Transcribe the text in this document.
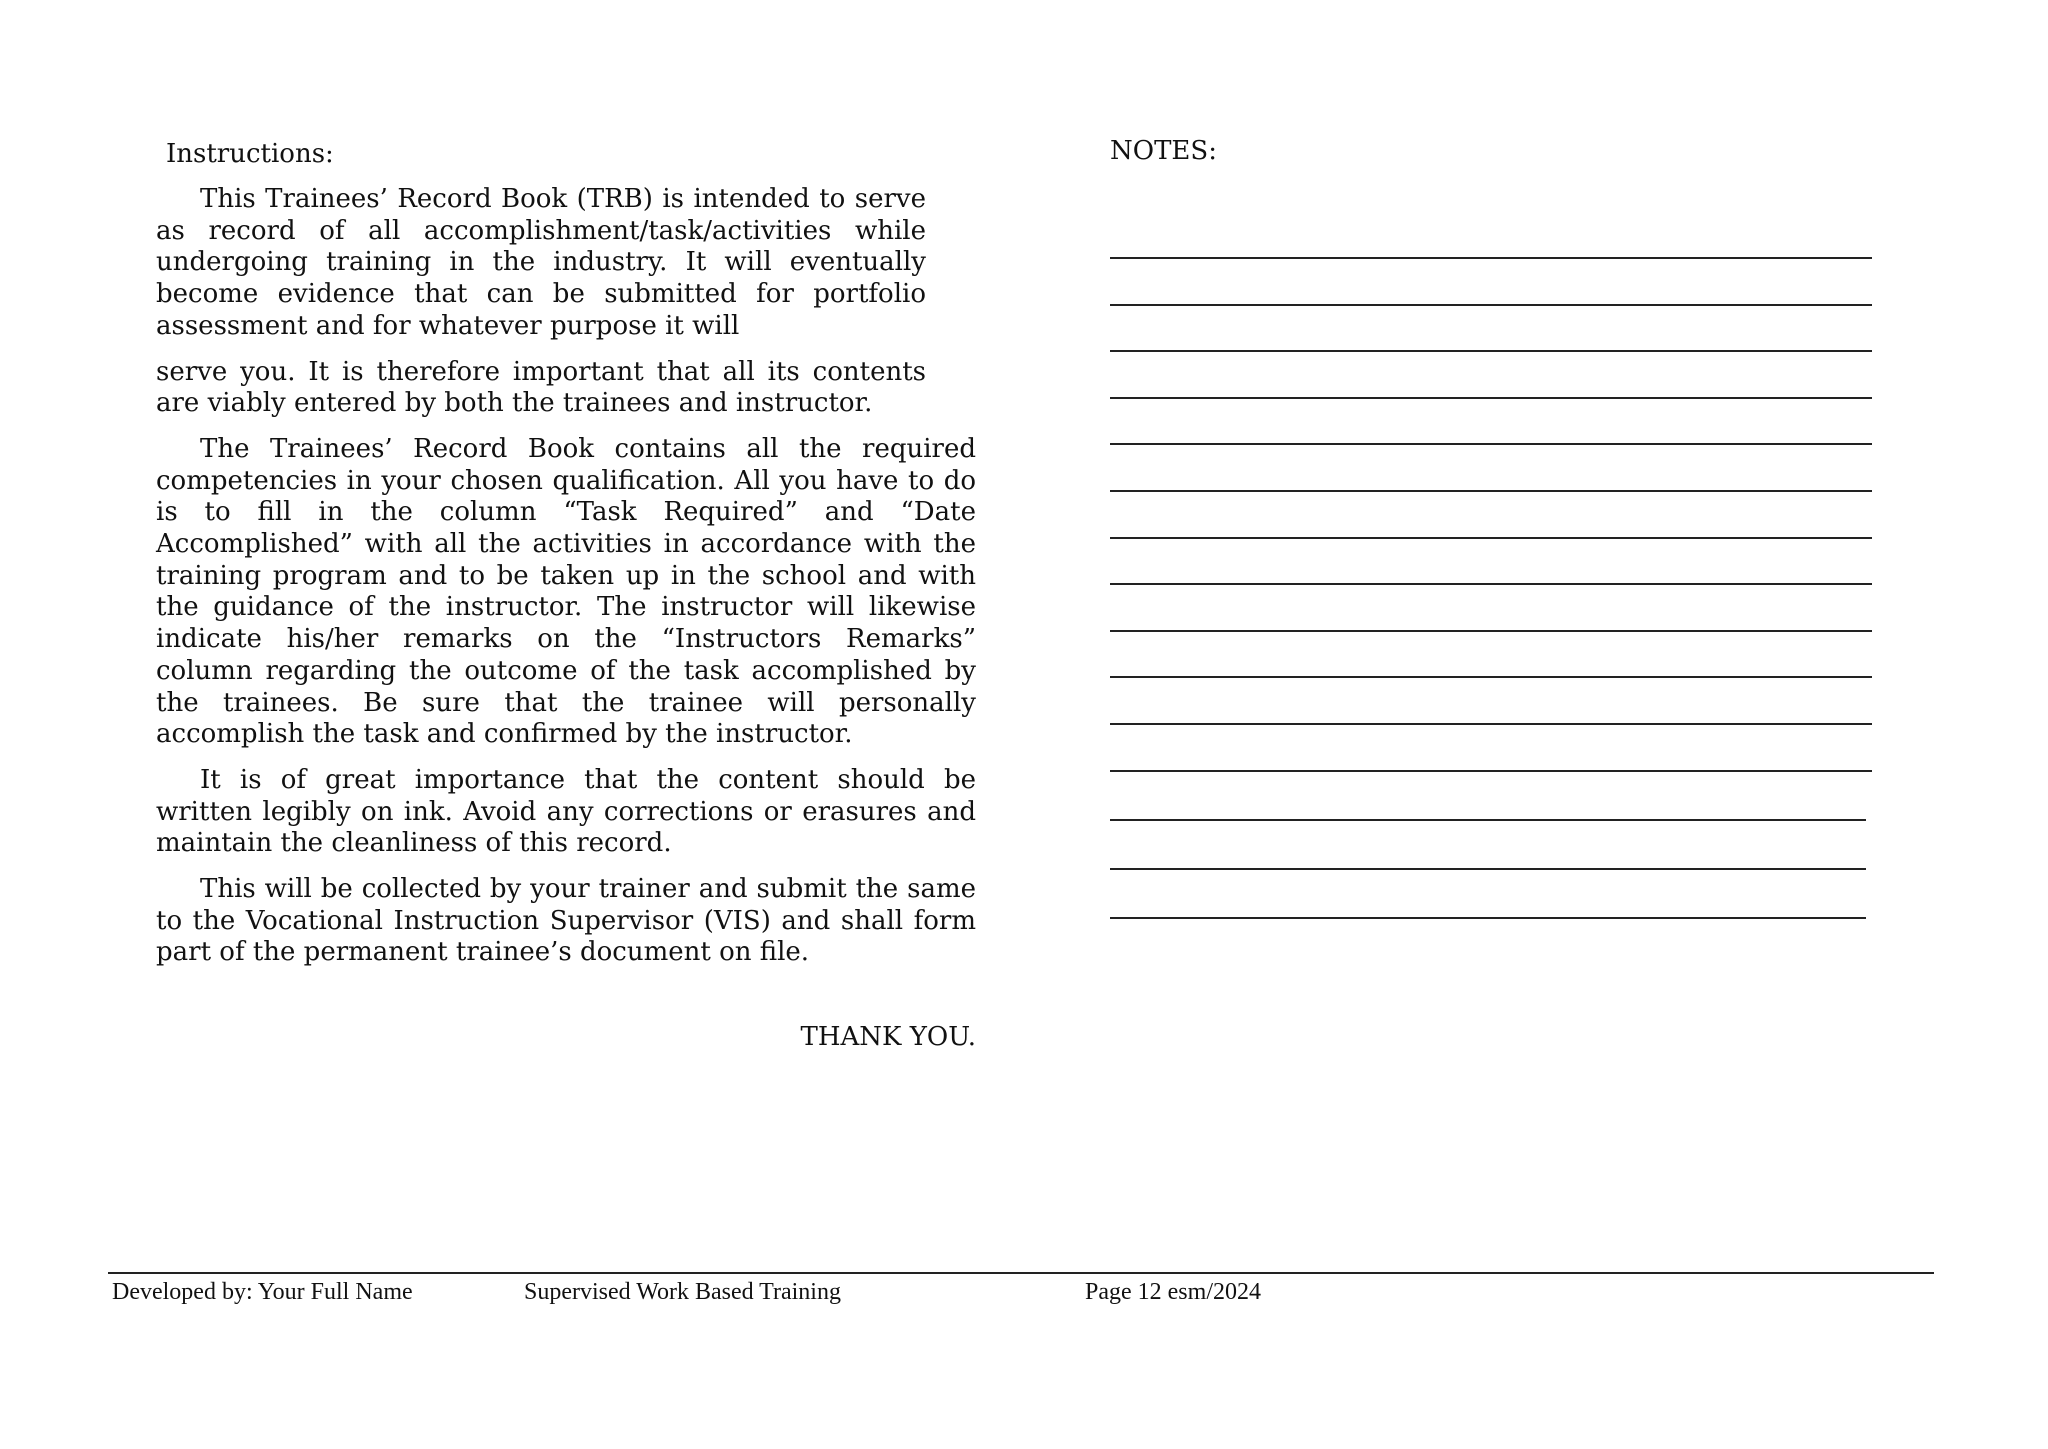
Instructions:

This Trainees’ Record Book (TRB) is intended to serve as record of all accomplishment/task/activities while undergoing training in the industry. It will eventually become evidence that can be submitted for portfolio assessment and for whatever purpose it will

serve you. It is therefore important that all its contents are viably entered by both the trainees and instructor.

The Trainees’ Record Book contains all the required competencies in your chosen qualification. All you have to do is to fill in the column “Task Required” and “Date Accomplished” with all the activities in accordance with the training program and to be taken up in the school and with the guidance of the instructor. The instructor will likewise indicate his/her remarks on the “Instructors Remarks” column regarding the outcome of the task accomplished by the trainees. Be sure that the trainee will personally accomplish the task and confirmed by the instructor.

It is of great importance that the content should be written legibly on ink. Avoid any corrections or erasures and maintain the cleanliness of this record.

This will be collected by your trainer and submit the same to the Vocational Instruction Supervisor (VIS) and shall form part of the permanent trainee’s document on file.

THANK YOU.
NOTES:
Developed by: Your Full Name	Supervised Work Based Training	Page 12 esm/2024
